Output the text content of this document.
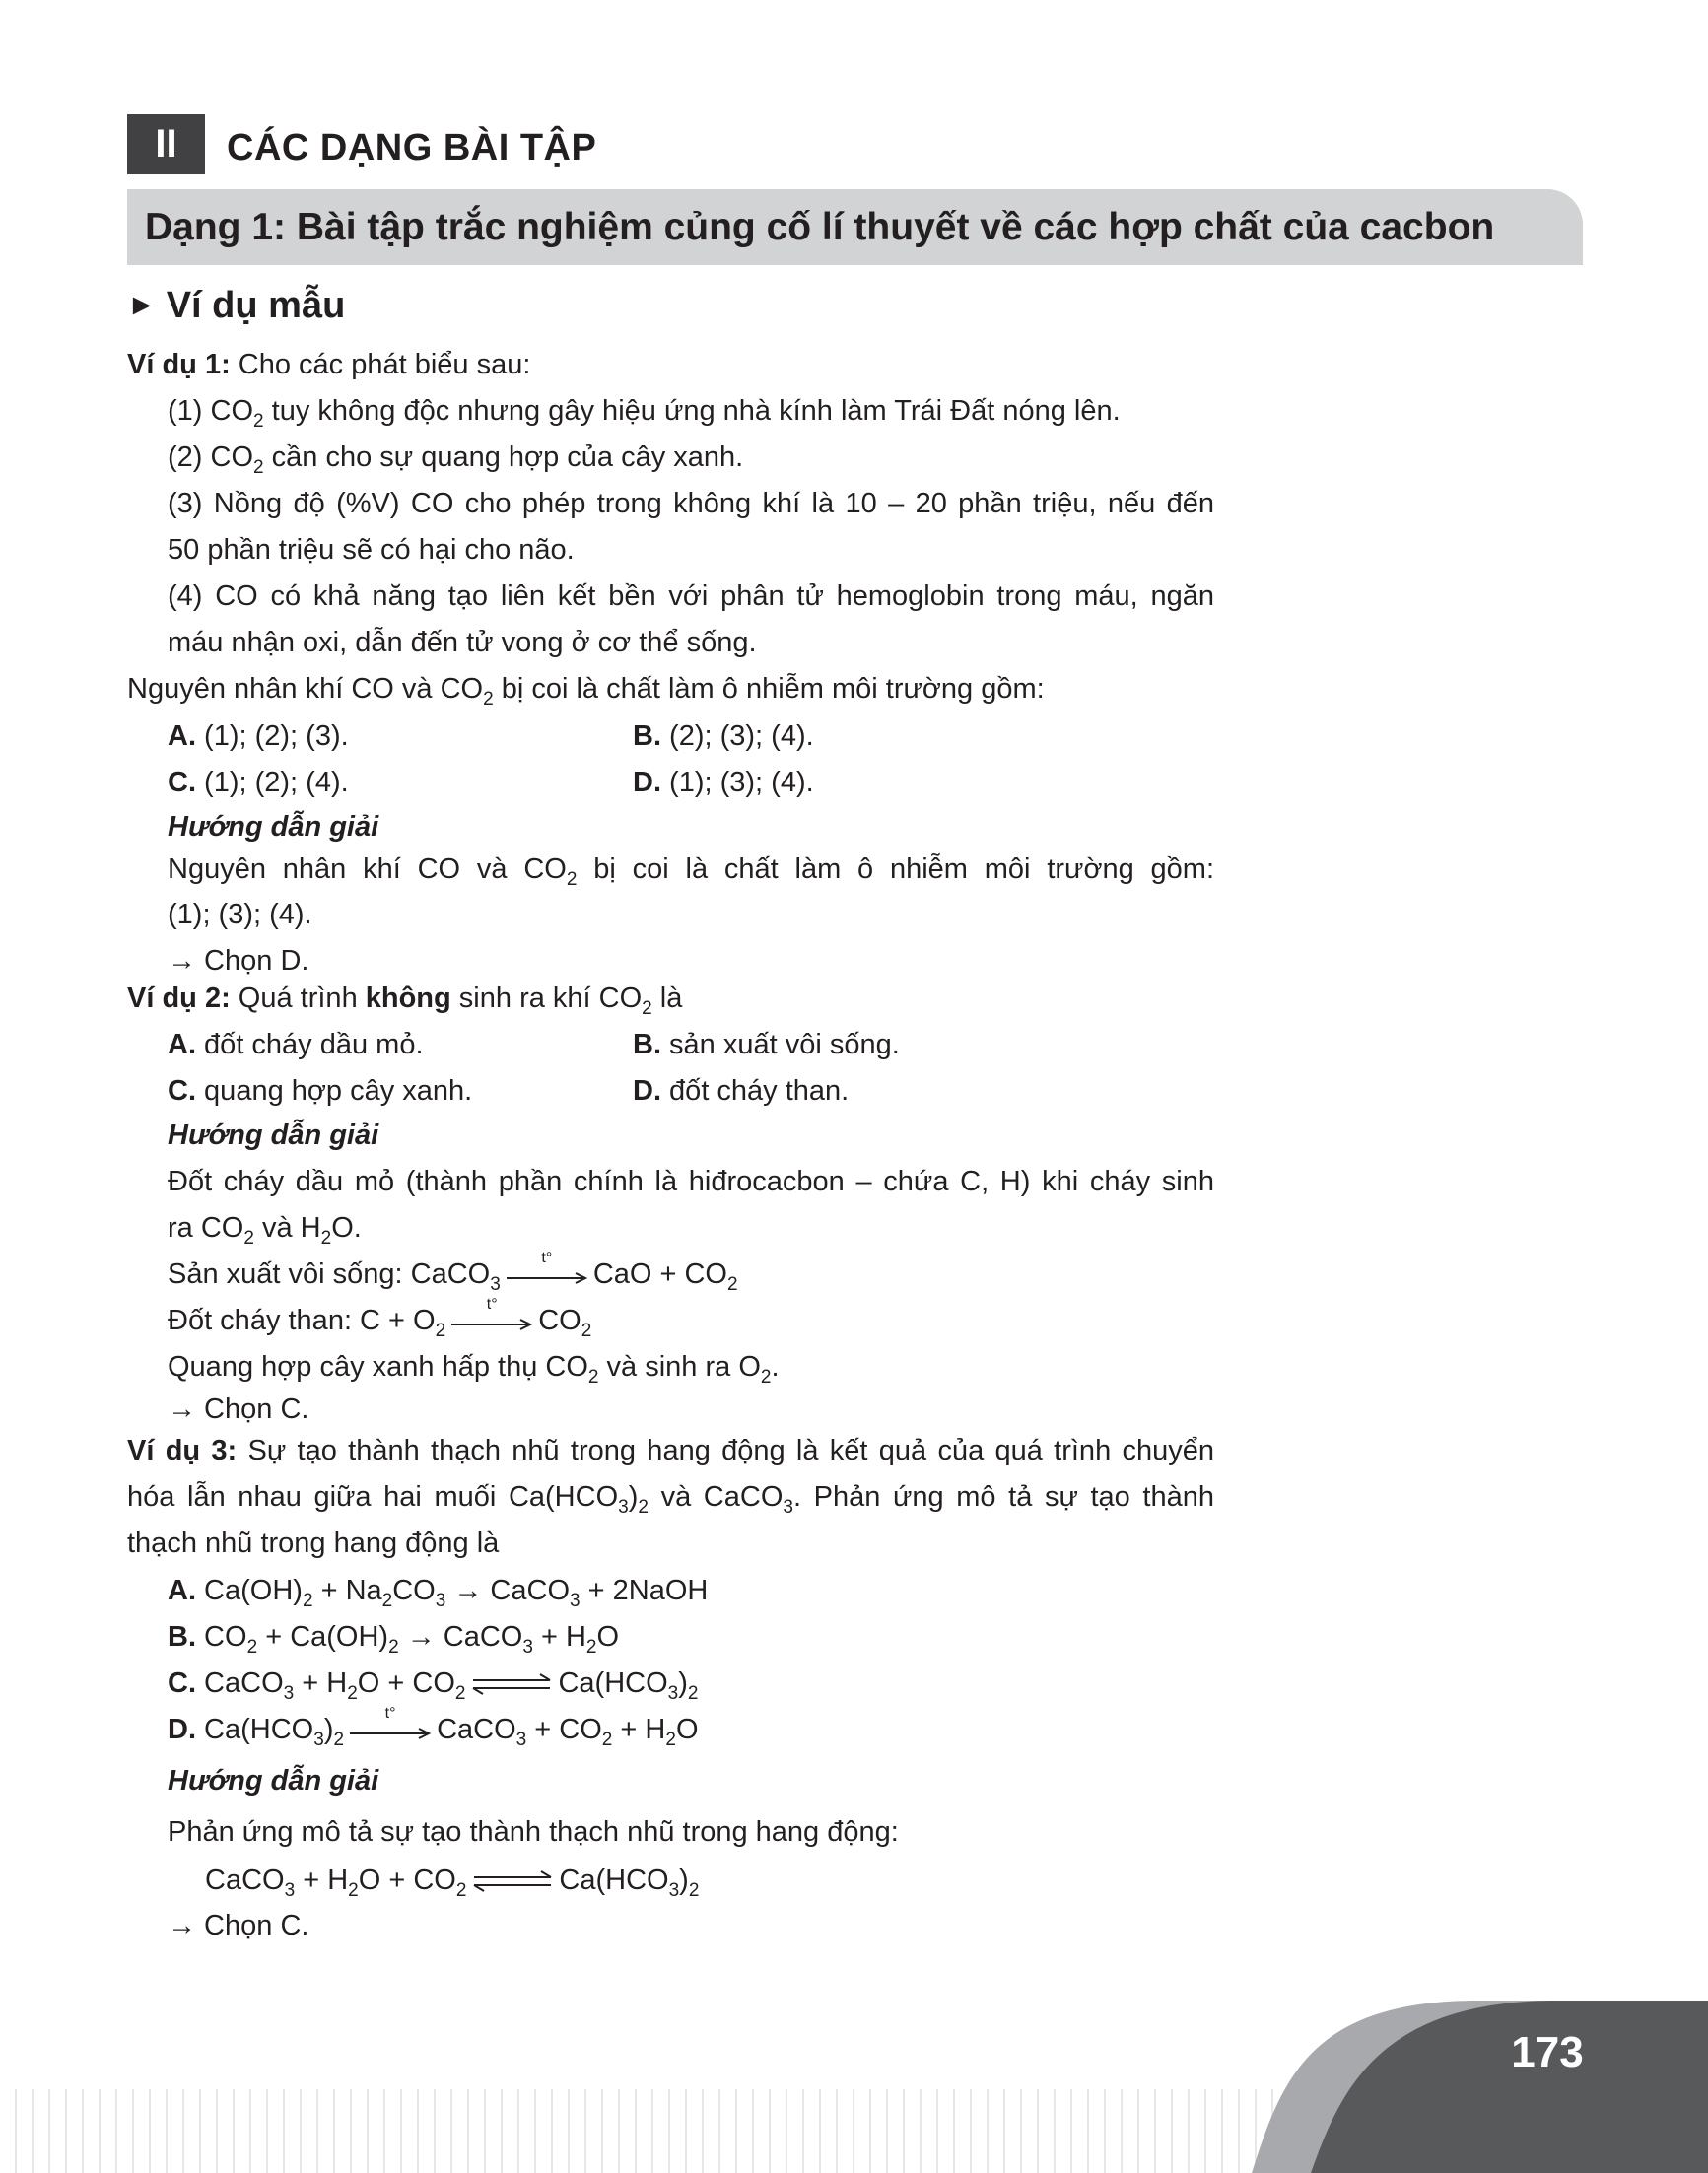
II	CÁC DẠNG BÀI TẬP
Dạng 1: Bài tập trắc nghiệm củng cố lí thuyết về các hợp chất của cacbon
► Ví dụ mẫu
Ví dụ 1: Cho các phát biểu sau:
(1) $CO_2$ tuy không độc nhưng gây hiệu ứng nhà kính làm Trái Đất nóng lên.
(2) $CO_2$ cần cho sự quang hợp của cây xanh.
(3) Nồng độ (%V) CO cho phép trong không khí là 10 – 20 phần triệu, nếu đến
50 phần triệu sẽ có hại cho não.
(4) CO có khả năng tạo liên kết bền với phân tử hemoglobin trong máu, ngăn
máu nhận oxi, dẫn đến tử vong ở cơ thể sống.
Nguyên nhân khí CO và $CO_2$ bị coi là chất làm ô nhiễm môi trường gồm:
A. (1); (2); (3).	B. (2); (3); (4).
C. (1); (2); (4).	D. (1); (3); (4).
Hướng dẫn giải
Nguyên nhân khí CO và $CO_2$ bị coi là chất làm ô nhiễm môi trường gồm:
(1); (3); (4).
→ Chọn D.
Ví dụ 2: Quá trình không sinh ra khí $CO_2$ là
A. đốt cháy dầu mỏ.	B. sản xuất vôi sống.
C. quang hợp cây xanh.	D. đốt cháy than.
Hướng dẫn giải
Đốt cháy dầu mỏ (thành phần chính là hiđrocacbon – chứa C, H) khi cháy sinh
ra $CO_2$ và $H_2O$.
Sản xuất vôi sống: CaCO$_3$
t°
CaO + $CO_2$
Đốt cháy than: $C + O_2$
t°
$CO_2$
Quang hợp cây xanh hấp thụ $CO_2$ và sinh ra $O_2$.
→ Chọn C.
Ví dụ 3: Sự tạo thành thạch nhũ trong hang động là kết quả của quá trình chuyển
hóa lẫn nhau giữa hai muối $Ca(HCO_3)_2$ và CaCO$_3$. Phản ứng mô tả sự tạo thành
thạch nhũ trong hang động là
A. $Ca(OH)_2 + Na_2CO_3$ → CaCO$_3$ + 2NaOH
B. $CO_2 + Ca(OH)_2$ → CaCO$_3$ + $H_2O$
C. CaCO$_3$ + $H_2O + CO_2$ ⇌ $Ca(HCO_3)_2$
D. $Ca(HCO_3)_2$
t°
CaCO$_3$ + $CO_2 + H_2O$
Hướng dẫn giải
Phản ứng mô tả sự tạo thành thạch nhũ trong hang động:
CaCO$_3$ + $H_2O + CO_2$ ⇌ $Ca(HCO_3)_2$
→ Chọn C.
173
